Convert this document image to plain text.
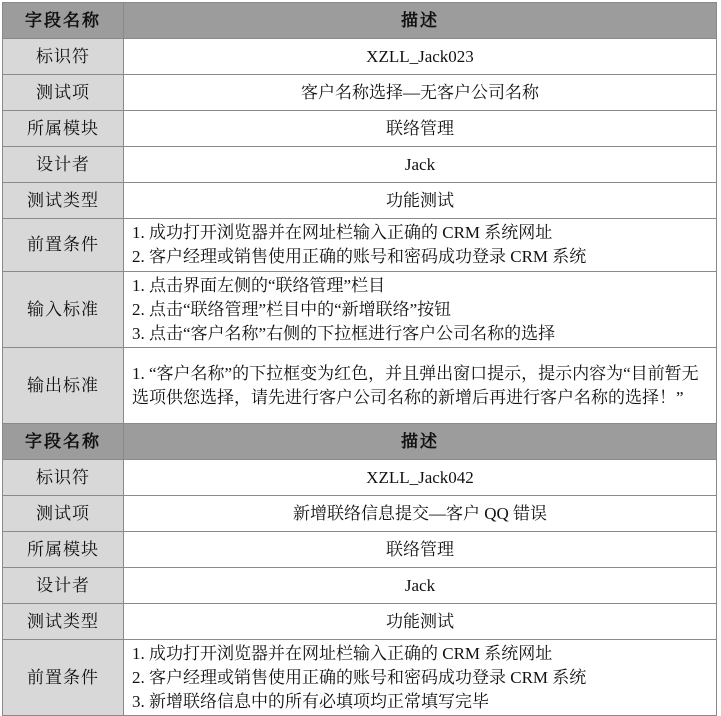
字段名称	描述
标识符	XZLL_Jack023
测试项	客户名称选择—无客户公司名称
所属模块	联络管理
设计者	Jack
测试类型	功能测试
前置条件	1. 成功打开浏览器并在网址栏输入正确的 CRM 系统网址
2. 客户经理或销售使用正确的账号和密码成功登录 CRM 系统

输入标准	1. 点击界面左侧的“联络管理”栏目
2. 点击“联络管理”栏目中的“新增联络”按钮
3. 点击“客户名称”右侧的下拉框进行客户公司名称的选择

输出标准	1. “客户名称”的下拉框变为红色，并且弹出窗口提示，提示内容为“目前暂无选项供您选择，请先进行客户公司名称的新增后再进行客户名称的选择！”

字段名称	描述
标识符	XZLL_Jack042
测试项	新增联络信息提交—客户 QQ 错误
所属模块	联络管理
设计者	Jack
测试类型	功能测试
前置条件	1. 成功打开浏览器并在网址栏输入正确的 CRM 系统网址
2. 客户经理或销售使用正确的账号和密码成功登录 CRM 系统
3. 新增联络信息中的所有必填项均正常填写完毕
